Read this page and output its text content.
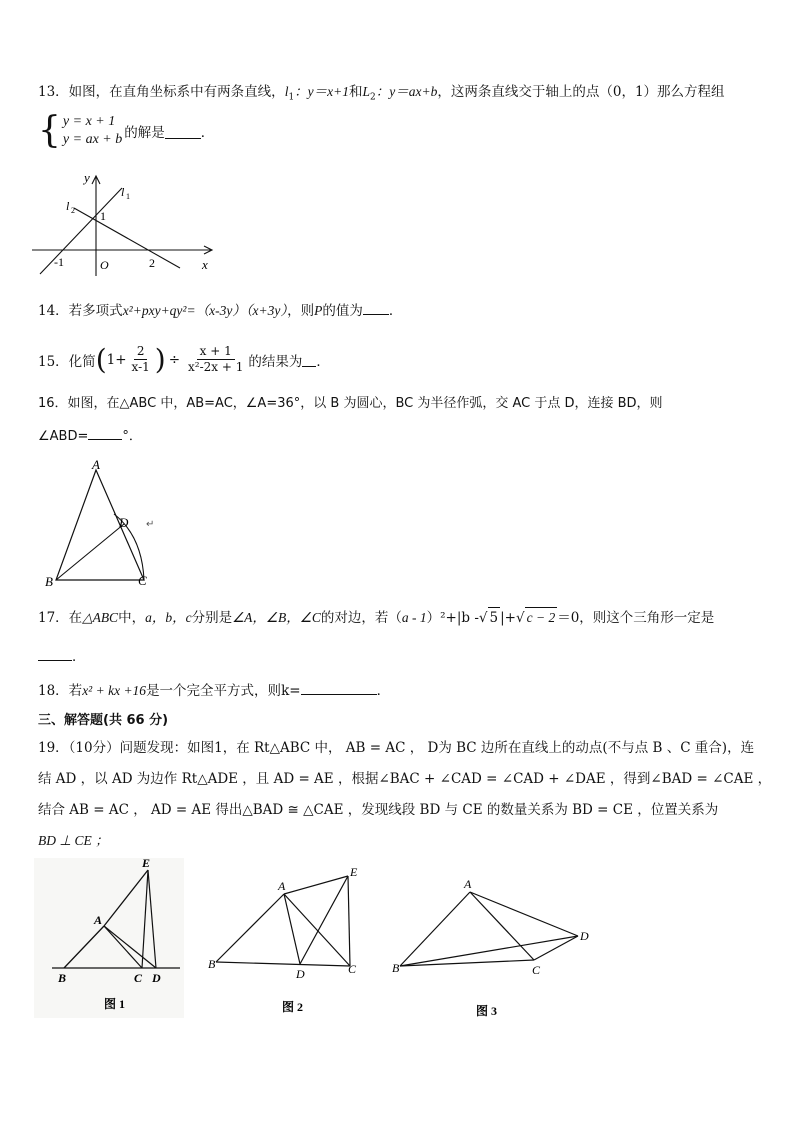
13．如图，在直角坐标系中有两条直线，$l_1$：y＝x+1和$L_2$：y＝ax+b，这两条直线交于轴上的点（0，1）那么方程组
{ y = x + 1
y = ax + b 的解是	．
y
x
l 1
l 2 1
-1	O	2
14．若多项式x²+pxy+qy²=（x-3y）（x+3y），则P的值为 ．
15．化简 ( $1+ \frac{2}{x-1}$ ) ÷ $\frac{x + 1}{\text{x²-2x + 1}}$ 的结果为 ．
16．如图，在△ABC 中，AB=AC，∠A=36°，以 B 为圆心，BC 为半径作弧，交 AC 于点 D，连接 BD，则
∠ABD=	°．
A
B	C
D ↵
17．在 △ABC 中， a，b，c 分别是 ∠A，∠B，∠C 的对边，若（ a - 1 ）²+|b - √ 5 |+ √ c − 2 ＝0，则这个三角形一定是
．
18．若x² + kx +16是一个完全平方式，则k=	．
三、解答题(共 66 分)
19．（10分）问题发现：如图1，在 Rt△ABC 中， AB = AC ， D为 BC 边所在直线上的动点(不与点 B 、C 重合)，连
结 AD ，以 AD 为边作 Rt△ADE ，且 AD = AE ，根据∠BAC + ∠CAD = ∠CAD + ∠DAE ，得到∠BAD = ∠CAE ，
结合 AB = AC ， AD = AE 得出△BAD ≅ △CAE ，发现线段 BD 与 CE 的数量关系为 BD = CE ，位置关系为
BD ⊥ CE ；
E
A
B	C D
图 1
A
E
B
D	C
图 2
A
D
B	C
图 3
